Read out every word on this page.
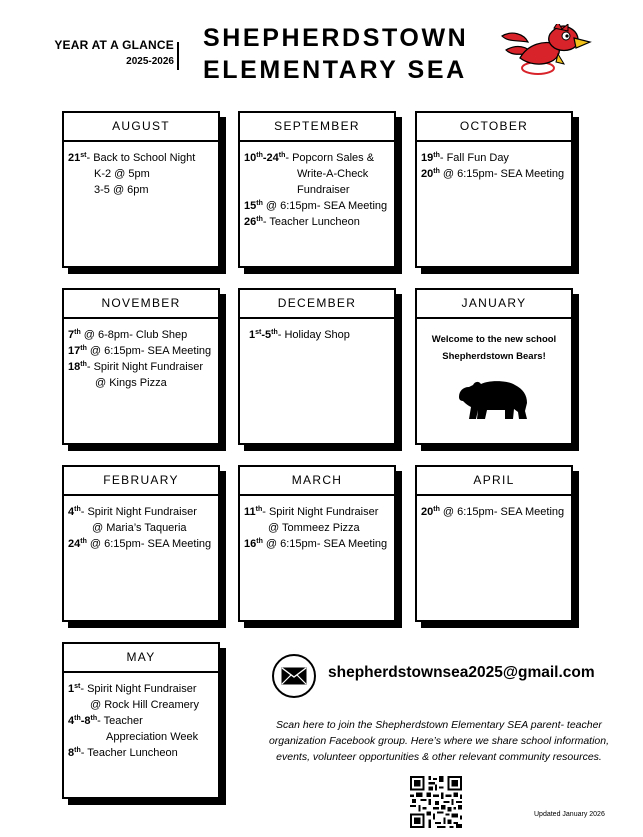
YEAR AT A GLANCE
2025-2026
SHEPHERDSTOWN
ELEMENTARY SEA
AUGUST
21st - Back to School Night
K-2 @ 5pm
3-5 @ 6pm
SEPTEMBER
10th-24th - Popcorn Sales &
Write-A-Check
Fundraiser
15th @ 6:15pm- SEA Meeting
26th - Teacher Luncheon
OCTOBER
19th - Fall Fun Day
20th @ 6:15pm- SEA Meeting
NOVEMBER
7th @ 6-8pm- Club Shep
17th @ 6:15pm- SEA Meeting
18th - Spirit Night Fundraiser
@ Kings Pizza
DECEMBER
1st-5th - Holiday Shop
JANUARY
Welcome to the new school
Shepherdstown Bears!
FEBRUARY
4th - Spirit Night Fundraiser
@ Maria’s Taqueria
24th @ 6:15pm- SEA Meeting
MARCH
11th - Spirit Night Fundraiser
@ Tommeez Pizza
16th @ 6:15pm- SEA Meeting
APRIL
20th @ 6:15pm- SEA Meeting
MAY
1st - Spirit Night Fundraiser
@ Rock Hill Creamery
4th-8th - Teacher
Appreciation Week
8th - Teacher Luncheon
shepherdstownsea2025@gmail.com
Scan here to join the Shepherdstown Elementary SEA parent- teacher
organization Facebook group. Here’s where we share school information,
events, volunteer opportunities & other relevant community resources.
Updated January 2026
